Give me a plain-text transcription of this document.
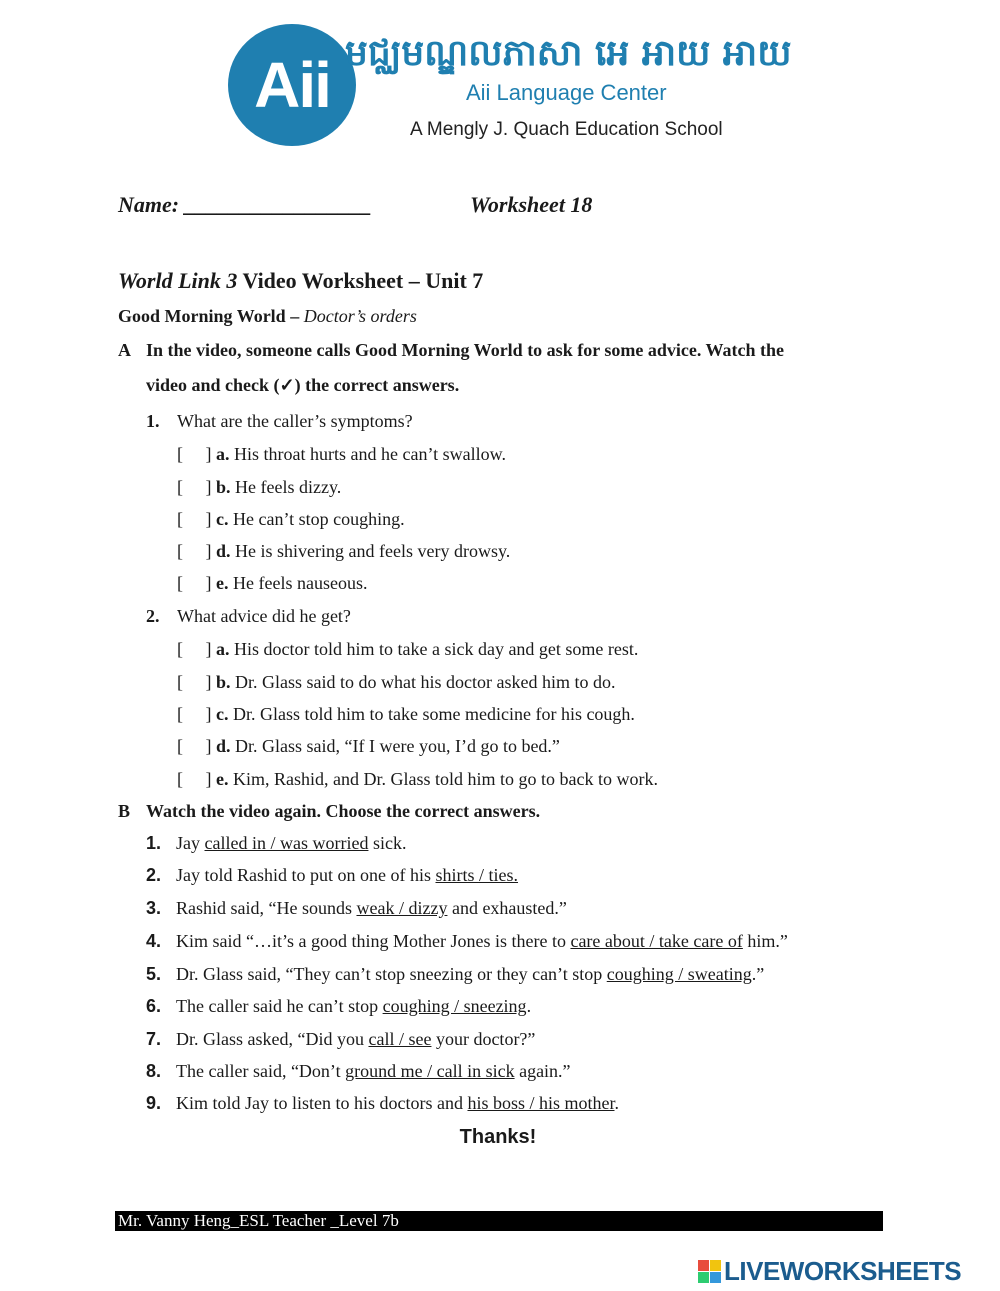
Aii មជ្ឈមណ្ឌលភាសា អេ អាយ អាយ
Aii Language Center
A Mengly J. Quach Education School
Name: _________________	Worksheet 18
World Link 3 Video Worksheet – Unit 7
Good Morning World – Doctor’s orders
A In the video, someone calls Good Morning World to ask for some advice. Watch the
video and check (✓) the correct answers.
1. What are the caller’s symptoms?
[     ] a. His throat hurts and he can’t swallow.
[     ] b. He feels dizzy.
[     ] c. He can’t stop coughing.
[     ] d. He is shivering and feels very drowsy.
[     ] e. He feels nauseous.
2. What advice did he get?
[     ] a. His doctor told him to take a sick day and get some rest.
[     ] b. Dr. Glass said to do what his doctor asked him to do.
[     ] c. Dr. Glass told him to take some medicine for his cough.
[     ] d. Dr. Glass said, “If I were you, I’d go to bed.”
[     ] e. Kim, Rashid, and Dr. Glass told him to go to back to work.
B Watch the video again. Choose the correct answers.
1. Jay called in / was worried sick.
2. Jay told Rashid to put on one of his shirts / ties.
3. Rashid said, “He sounds weak / dizzy and exhausted.”
4. Kim said “…it’s a good thing Mother Jones is there to care about / take care of him.”
5. Dr. Glass said, “They can’t stop sneezing or they can’t stop coughing / sweating.”
6. The caller said he can’t stop coughing / sneezing.
7. Dr. Glass asked, “Did you call / see your doctor?”
8. The caller said, “Don’t ground me / call in sick again.”
9. Kim told Jay to listen to his doctors and his boss / his mother.
Thanks!
Mr. Vanny Heng_ESL Teacher _Level 7b
LIVEWORKSHEETS
